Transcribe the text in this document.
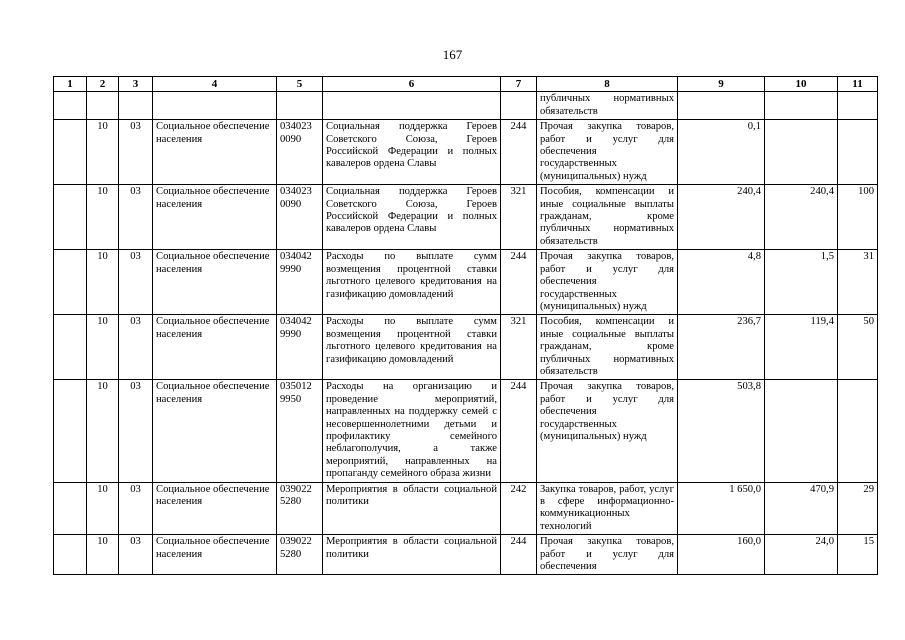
167
1	2	3	4	5	6	7	8	9	10	11
							публичных нормативных обязательств			
	10	03	Социальное обеспечение населения	034023 0090	Социальная поддержка Героев Советского Союза, Героев Российской Федерации и полных кавалеров ордена Славы	244	Прочая закупка товаров, работ и услуг для обеспечения государственных (муниципальных) нужд	0,1		
	10	03	Социальное обеспечение населения	034023 0090	Социальная поддержка Героев Советского Союза, Героев Российской Федерации и полных кавалеров ордена Славы	321	Пособия, компенсации и иные социальные выплаты гражданам, кроме публичных нормативных обязательств	240,4	240,4	100
	10	03	Социальное обеспечение населения	034042 9990	Расходы по выплате сумм возмещения процентной ставки льготного целевого кредитования на газификацию домовладений	244	Прочая закупка товаров, работ и услуг для обеспечения государственных (муниципальных) нужд	4,8	1,5	31
	10	03	Социальное обеспечение населения	034042 9990	Расходы по выплате сумм возмещения процентной ставки льготного целевого кредитования на газификацию домовладений	321	Пособия, компенсации и иные социальные выплаты гражданам, кроме публичных нормативных обязательств	236,7	119,4	50
	10	03	Социальное обеспечение населения	035012 9950	Расходы на организацию и проведение мероприятий, направленных на поддержку семей с несовершеннолетними детьми и профилактику семейного неблагополучия, а также мероприятий, направленных на пропаганду семейного образа жизни	244	Прочая закупка товаров, работ и услуг для обеспечения государственных (муниципальных) нужд	503,8		
	10	03	Социальное обеспечение населения	039022 5280	Мероприятия в области социальной политики	242	Закупка товаров, работ, услуг в сфере информационно-коммуникационных технологий	1 650,0	470,9	29
	10	03	Социальное обеспечение населения	039022 5280	Мероприятия в области социальной политики	244	Прочая закупка товаров, работ и услуг для обеспечения	160,0	24,0	15
